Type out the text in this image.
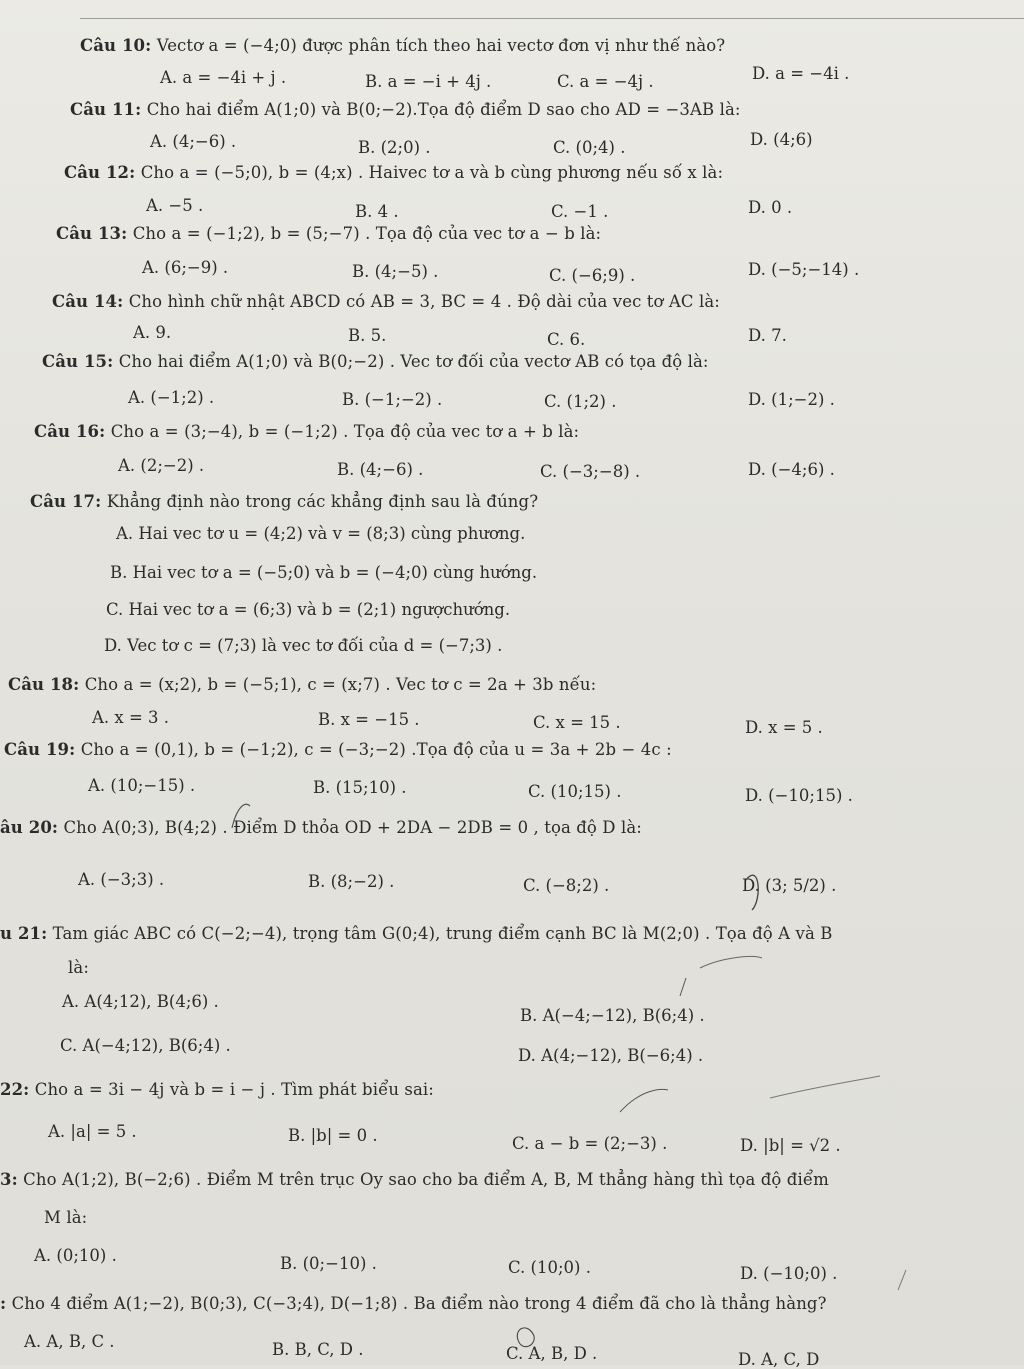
Câu 10: Vectơ a = (−4;0) được phân tích theo hai vectơ đơn vị như thế nào?
A. a = −4i + j .	B. a = −i + 4j .	C. a = −4j .	D. a = −4i .
Câu 11: Cho hai điểm A(1;0) và B(0;−2).Tọa độ điểm D sao cho AD = −3AB là:
A. (4;−6) .	B. (2;0) .	C. (0;4) .	D. (4;6)
Câu 12: Cho a = (−5;0), b = (4;x) . Haivec tơ a và b cùng phương nếu số x là:
A. −5 .	B. 4 .	C. −1 .	D. 0 .
Câu 13: Cho a = (−1;2), b = (5;−7) . Tọa độ của vec tơ a − b là:
A. (6;−9) .	B. (4;−5) .	C. (−6;9) .	D. (−5;−14) .
Câu 14: Cho hình chữ nhật ABCD có AB = 3, BC = 4 . Độ dài của vec tơ AC là:
A. 9.	B. 5.	C. 6.	D. 7.
Câu 15: Cho hai điểm A(1;0) và B(0;−2) . Vec tơ đối của vectơ AB có tọa độ là:
A. (−1;2) .	B. (−1;−2) .	C. (1;2) .	D. (1;−2) .
Câu 16: Cho a = (3;−4), b = (−1;2) . Tọa độ của vec tơ a + b là:
A. (2;−2) .	B. (4;−6) .	C. (−3;−8) .	D. (−4;6) .
Câu 17: Khẳng định nào trong các khẳng định sau là đúng?
A. Hai vec tơ u = (4;2) và v = (8;3) cùng phương.
B. Hai vec tơ a = (−5;0) và b = (−4;0) cùng hướng.
C. Hai vec tơ a = (6;3) và b = (2;1) ngượchướng.
D. Vec tơ c = (7;3) là vec tơ đối của d = (−7;3) .
Câu 18: Cho a = (x;2), b = (−5;1), c = (x;7) . Vec tơ c = 2a + 3b nếu:
A. x = 3 .	B. x = −15 .	C. x = 15 .	D. x = 5 .
Câu 19: Cho a = (0,1), b = (−1;2), c = (−3;−2) .Tọa độ của u = 3a + 2b − 4c :
A. (10;−15) .	B. (15;10) .	C. (10;15) .	D. (−10;15) .
âu 20: Cho A(0;3), B(4;2) . Điểm D thỏa OD + 2DA − 2DB = 0 , tọa độ D là:
A. (−3;3) .	B. (8;−2) .	C. (−8;2) .	D. (3; 5/2) .
u 21: Tam giác ABC có C(−2;−4), trọng tâm G(0;4), trung điểm cạnh BC là M(2;0) . Tọa độ A và B
là:
A. A(4;12), B(4;6) .
B. A(−4;−12), B(6;4) .
C. A(−4;12), B(6;4) .
D. A(4;−12), B(−6;4) .
22: Cho a = 3i − 4j và b = i − j . Tìm phát biểu sai:
A. |a| = 5 .	B. |b| = 0 .	C. a − b = (2;−3) .	D. |b| = √2 .
3: Cho A(1;2), B(−2;6) . Điểm M trên trục Oy sao cho ba điểm A, B, M thẳng hàng thì tọa độ điểm
M là:
A. (0;10) .	B. (0;−10) .	C. (10;0) .	D. (−10;0) .
: Cho 4 điểm A(1;−2), B(0;3), C(−3;4), D(−1;8) . Ba điểm nào trong 4 điểm đã cho là thẳng hàng?
A. A, B, C .	B. B, C, D .	C. A, B, D .	D. A, C, D
